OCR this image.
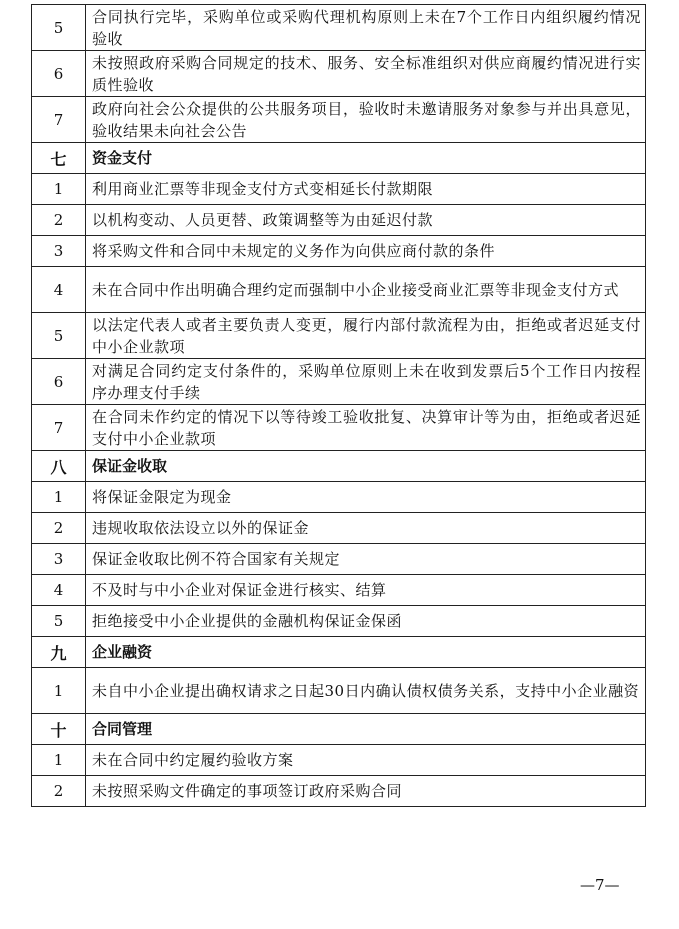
5	合同执行完毕，采购单位或采购代理机构原则上未在7个工作日内组织履约情况验收
6	未按照政府采购合同规定的技术、服务、安全标准组织对供应商履约情况进行实质性验收
7	政府向社会公众提供的公共服务项目，验收时未邀请服务对象参与并出具意见，验收结果未向社会公告
七	资金支付
1	利用商业汇票等非现金支付方式变相延长付款期限
2	以机构变动、人员更替、政策调整等为由延迟付款
3	将采购文件和合同中未规定的义务作为向供应商付款的条件
4	未在合同中作出明确合理约定而强制中小企业接受商业汇票等非现金支付方式
5	以法定代表人或者主要负责人变更，履行内部付款流程为由，拒绝或者迟延支付中小企业款项
6	对满足合同约定支付条件的，采购单位原则上未在收到发票后5个工作日内按程序办理支付手续
7	在合同未作约定的情况下以等待竣工验收批复、决算审计等为由，拒绝或者迟延支付中小企业款项
八	保证金收取
1	将保证金限定为现金
2	违规收取依法设立以外的保证金
3	保证金收取比例不符合国家有关规定
4	不及时与中小企业对保证金进行核实、结算
5	拒绝接受中小企业提供的金融机构保证金保函
九	企业融资
1	未自中小企业提出确权请求之日起30日内确认债权债务关系，支持中小企业融资
十	合同管理
1	未在合同中约定履约验收方案
2	未按照采购文件确定的事项签订政府采购合同
—7—
